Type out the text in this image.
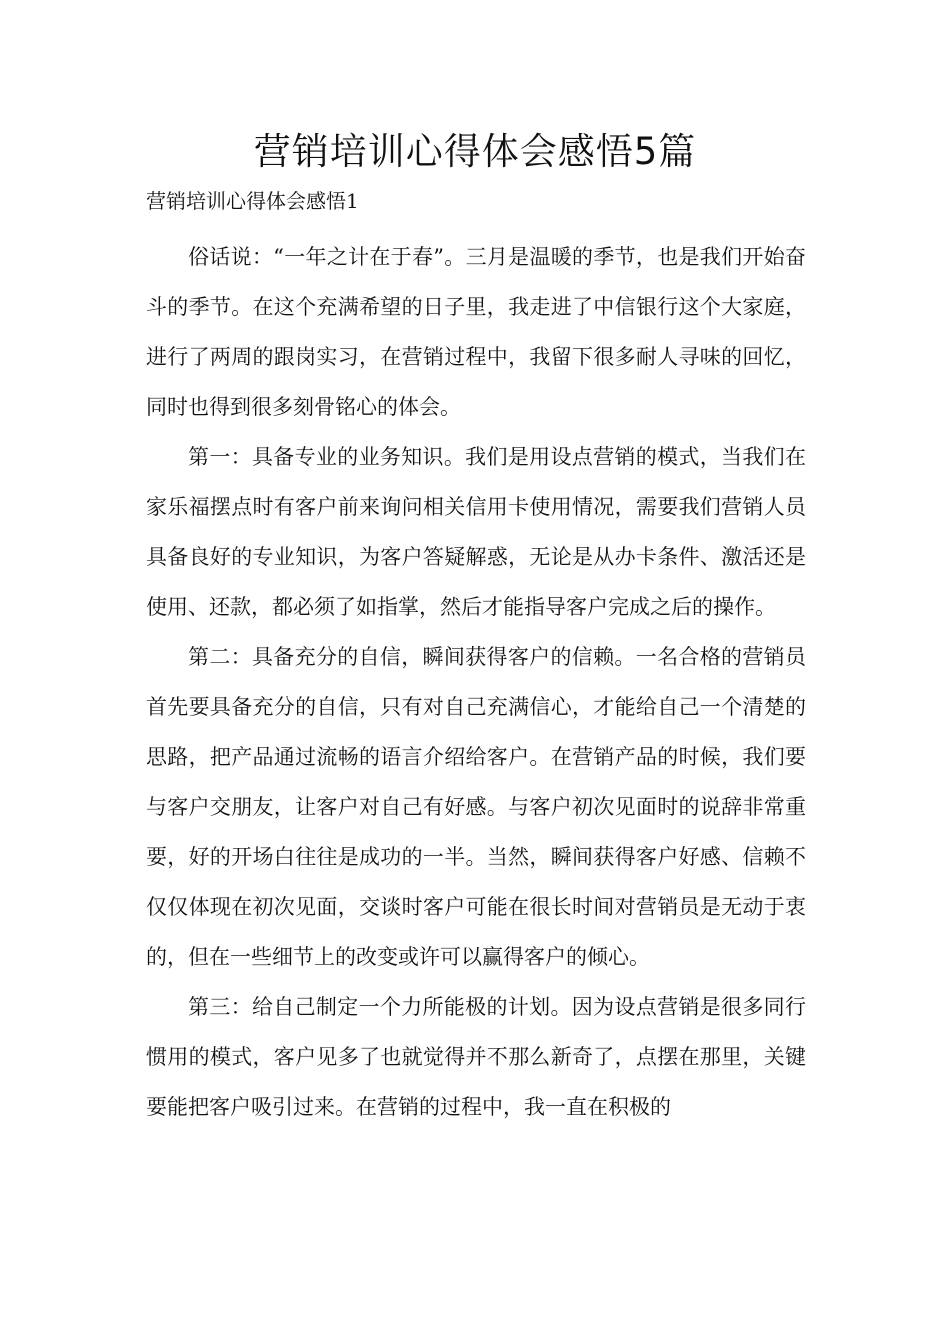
营销培训心得体会感悟5篇

营销培训心得体会感悟1

俗话说：“一年之计在于春”。三月是温暖的季节，也是我们开始奋斗的季节。在这个充满希望的日子里，我走进了中信银行这个大家庭，进行了两周的跟岗实习，在营销过程中，我留下很多耐人寻味的回忆，同时也得到很多刻骨铭心的体会。

第一：具备专业的业务知识。我们是用设点营销的模式，当我们在家乐福摆点时有客户前来询问相关信用卡使用情况，需要我们营销人员具备良好的专业知识，为客户答疑解惑，无论是从办卡条件、激活还是使用、还款，都必须了如指掌，然后才能指导客户完成之后的操作。

第二：具备充分的自信，瞬间获得客户的信赖。一名合格的营销员首先要具备充分的自信，只有对自己充满信心，才能给自己一个清楚的思路，把产品通过流畅的语言介绍给客户。在营销产品的时候，我们要与客户交朋友，让客户对自己有好感。与客户初次见面时的说辞非常重要，好的开场白往往是成功的一半。当然，瞬间获得客户好感、信赖不仅仅体现在初次见面，交谈时客户可能在很长时间对营销员是无动于衷的，但在一些细节上的改变或许可以赢得客户的倾心。

第三：给自己制定一个力所能极的计划。因为设点营销是很多同行惯用的模式，客户见多了也就觉得并不那么新奇了，点摆在那里，关键要能把客户吸引过来。在营销的过程中，我一直在积极的
